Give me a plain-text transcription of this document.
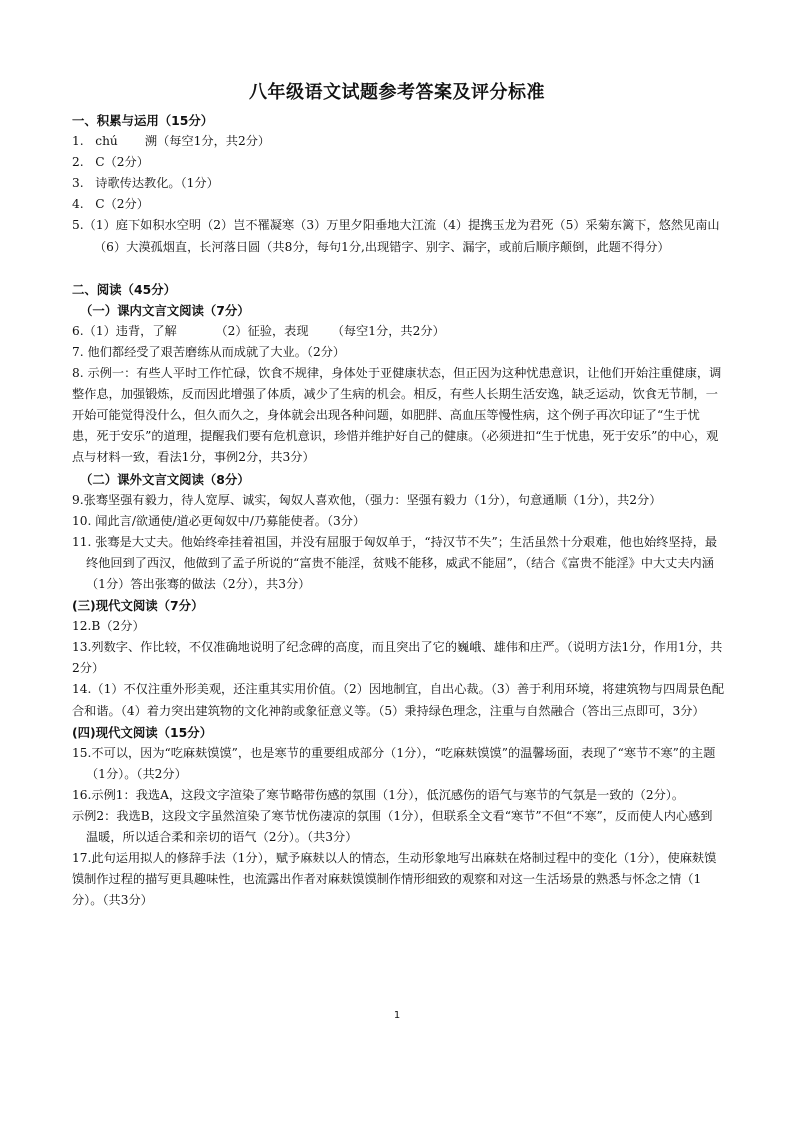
八年级语文试题参考答案及评分标准

一、积累与运用（15分）

1.   chú       溯（每空1分，共2分）

2.   C（2分）

3.   诗歌传达教化。（1分）

4.   C（2分）

5.（1）庭下如积水空明（2）岂不罹凝寒（3）万里夕阳垂地大江流（4）提携玉龙为君死（5）采菊东篱下，悠然见南山（6）大漠孤烟直，长河落日圆（共8分，每句1分,出现错字、别字、漏字，或前后顺序颠倒，此题不得分）

二、阅读（45分）

（一）课内文言文阅读（7分）

6.（1）违背，了解          （2）征验，表现      （每空1分，共2分）

7. 他们都经受了艰苦磨练从而成就了大业。（2分）

8. 示例一：有些人平时工作忙碌，饮食不规律，身体处于亚健康状态，但正因为这种忧患意识，让他们开始注重健康，调整作息，加强锻炼，反而因此增强了体质，减少了生病的机会。相反，有些人长期生活安逸，缺乏运动，饮食无节制，一开始可能觉得没什么，但久而久之，身体就会出现各种问题，如肥胖、高血压等慢性病，这个例子再次印证了“生于忧患，死于安乐”的道理，提醒我们要有危机意识，珍惜并维护好自己的健康。（必须进扣“生于忧患，死于安乐”的中心，观点与材料一致，看法1分，事例2分，共3分）

（二）课外文言文阅读（8分）

9.张骞坚强有毅力，待人宽厚、诚实，匈奴人喜欢他，（强力：坚强有毅力（1分），句意通顺（1分），共2分）

10. 闻此言/欲通使/道必更匈奴中/乃募能使者。（3分）

11. 张骞是大丈夫。他始终牵挂着祖国，并没有屈服于匈奴单于，“持汉节不失”；生活虽然十分艰难，他也始终坚持，最终他回到了西汉，他做到了孟子所说的“富贵不能淫，贫贱不能移，威武不能屈”，（结合《富贵不能淫》中大丈夫内涵（1分）答出张骞的做法（2分），共3分）

(三)现代文阅读（7分）

12.B（2分）

13.列数字、作比较，不仅准确地说明了纪念碑的高度，而且突出了它的巍峨、雄伟和庄严。（说明方法1分，作用1分，共2分）

14.（1）不仅注重外形美观，还注重其实用价值。（2）因地制宜，自出心裁。（3）善于利用环境，将建筑物与四周景色配合和谐。（4）着力突出建筑物的文化神韵或象征意义等。（5）秉持绿色理念，注重与自然融合（答出三点即可，3分）

(四)现代文阅读（15分）

15.不可以，因为“吃麻麸馍馍”，也是寒节的重要组成部分（1分），“吃麻麸馍馍”的温馨场面，表现了“寒节不寒”的主题（1分）。（共2分）

16.示例1：我选A，这段文字渲染了寒节略带伤感的氛围（1分），低沉感伤的语气与寒节的气氛是一致的（2分）。

示例2：我选B，这段文字虽然渲染了寒节忧伤凄凉的氛围（1分），但联系全文看“寒节”不但“不寒”，反而使人内心感到温暖，所以适合柔和亲切的语气（2分）。（共3分）

17.此句运用拟人的修辞手法（1分），赋予麻麸以人的情态，生动形象地写出麻麸在烙制过程中的变化（1分），使麻麸馍馍制作过程的描写更具趣味性，也流露出作者对麻麸馍馍制作情形细致的观察和对这一生活场景的熟悉与怀念之情（1分）。（共3分）

1
